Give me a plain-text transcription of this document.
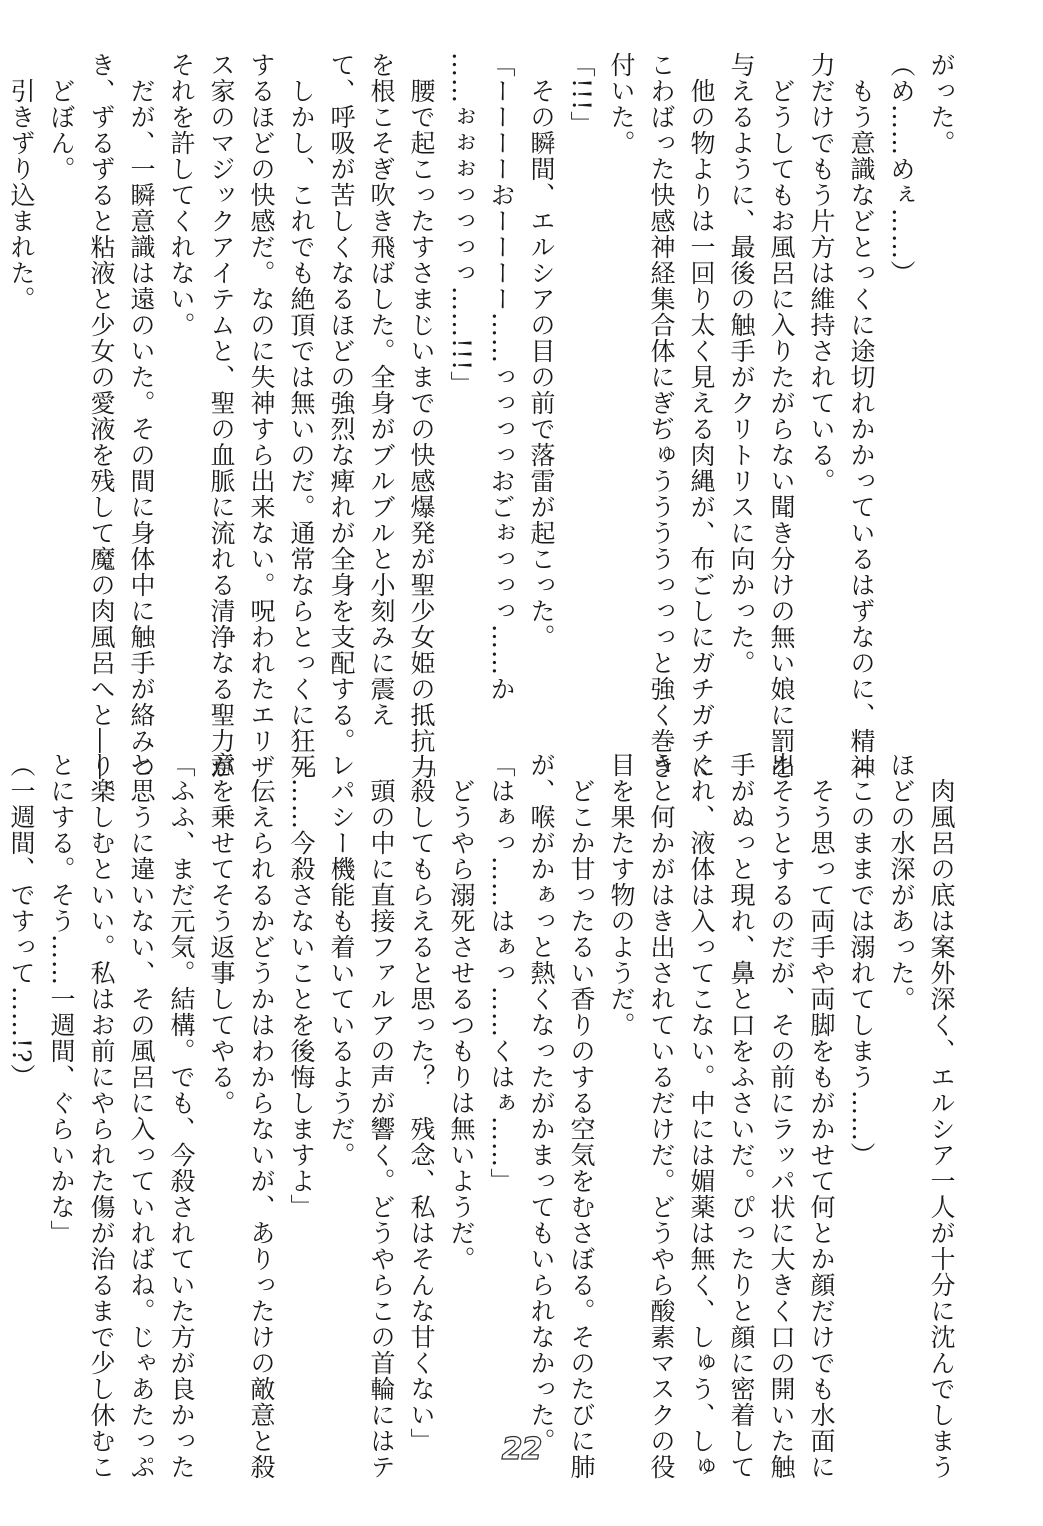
がった。
（め……めぇ……）
　もう意識などとっくに途切れかかっているはずなのに、精神
力だけでもう片方は維持されている。
　どうしてもお風呂に入りたがらない聞き分けの無い娘に罰を
与えるように、最後の触手がクリトリスに向かった。
　他の物よりは一回り太く見える肉縄が、布ごしにガチガチに
こわばった快感神経集合体にぎぢゅううううっっっと強く巻き
付いた。
「!!!」
　その瞬間、エルシアの目の前で落雷が起こった。
「ーーーーおーーーー……っっっっおごぉっっっ……か
……ぉぉぉっっっっ……!!!」
　腰で起こったすさまじいまでの快感爆発が聖少女姫の抵抗力
を根こそぎ吹き飛ばした。全身がブルブルと小刻みに震え
て、呼吸が苦しくなるほどの強烈な痺れが全身を支配する。
　しかし、これでも絶頂では無いのだ。通常ならとっくに狂死
するほどの快感だ。なのに失神すら出来ない。呪われたエリザ
ス家のマジックアイテムと、聖の血脈に流れる清浄なる聖力が
それを許してくれない。
　だが、一瞬意識は遠のいた。その間に身体中に触手が絡みつ
き、ずるずると粘液と少女の愛液を残して魔の肉風呂へと――。
　どぼん。
　引きずり込まれた。
　肉風呂の底は案外深く、エルシア一人が十分に沈んでしまう
ほどの水深があった。
（このままでは溺れてしまう……）
　そう思って両手や両脚をもがかせて何とか顔だけでも水面に
出そうとするのだが、その前にラッパ状に大きく口の開いた触
手がぬっと現れ、鼻と口をふさいだ。ぴったりと顔に密着して
くれ、液体は入ってこない。中には媚薬は無く、しゅう、しゅ
うと何かがはき出されているだけだ。どうやら酸素マスクの役
目を果たす物のようだ。
　どこか甘ったるい香りのする空気をむさぼる。そのたびに肺
が、喉がかぁっと熱くなったがかまってもいられなかった。
「はぁっ……はぁっ……くはぁ……」
　どうやら溺死させるつもりは無いようだ。
「殺してもらえると思った？　残念、私はそんな甘くない」
　頭の中に直接ファルアの声が響く。どうやらこの首輪にはテ
レパシー機能も着いているようだ。
「……今殺さないことを後悔しますよ」
　伝えられるかどうかはわからないが、ありったけの敵意と殺
意を乗せてそう返事してやる。
「ふふ、まだ元気。結構。でも、今殺されていた方が良かった
と思うに違いない、その風呂に入っていればね。じゃあたっぷ
り楽しむといい。私はお前にやられた傷が治るまで少し休むこ
とにする。そう……一週間、ぐらいかな」
（一週間、ですって……!?）
22
